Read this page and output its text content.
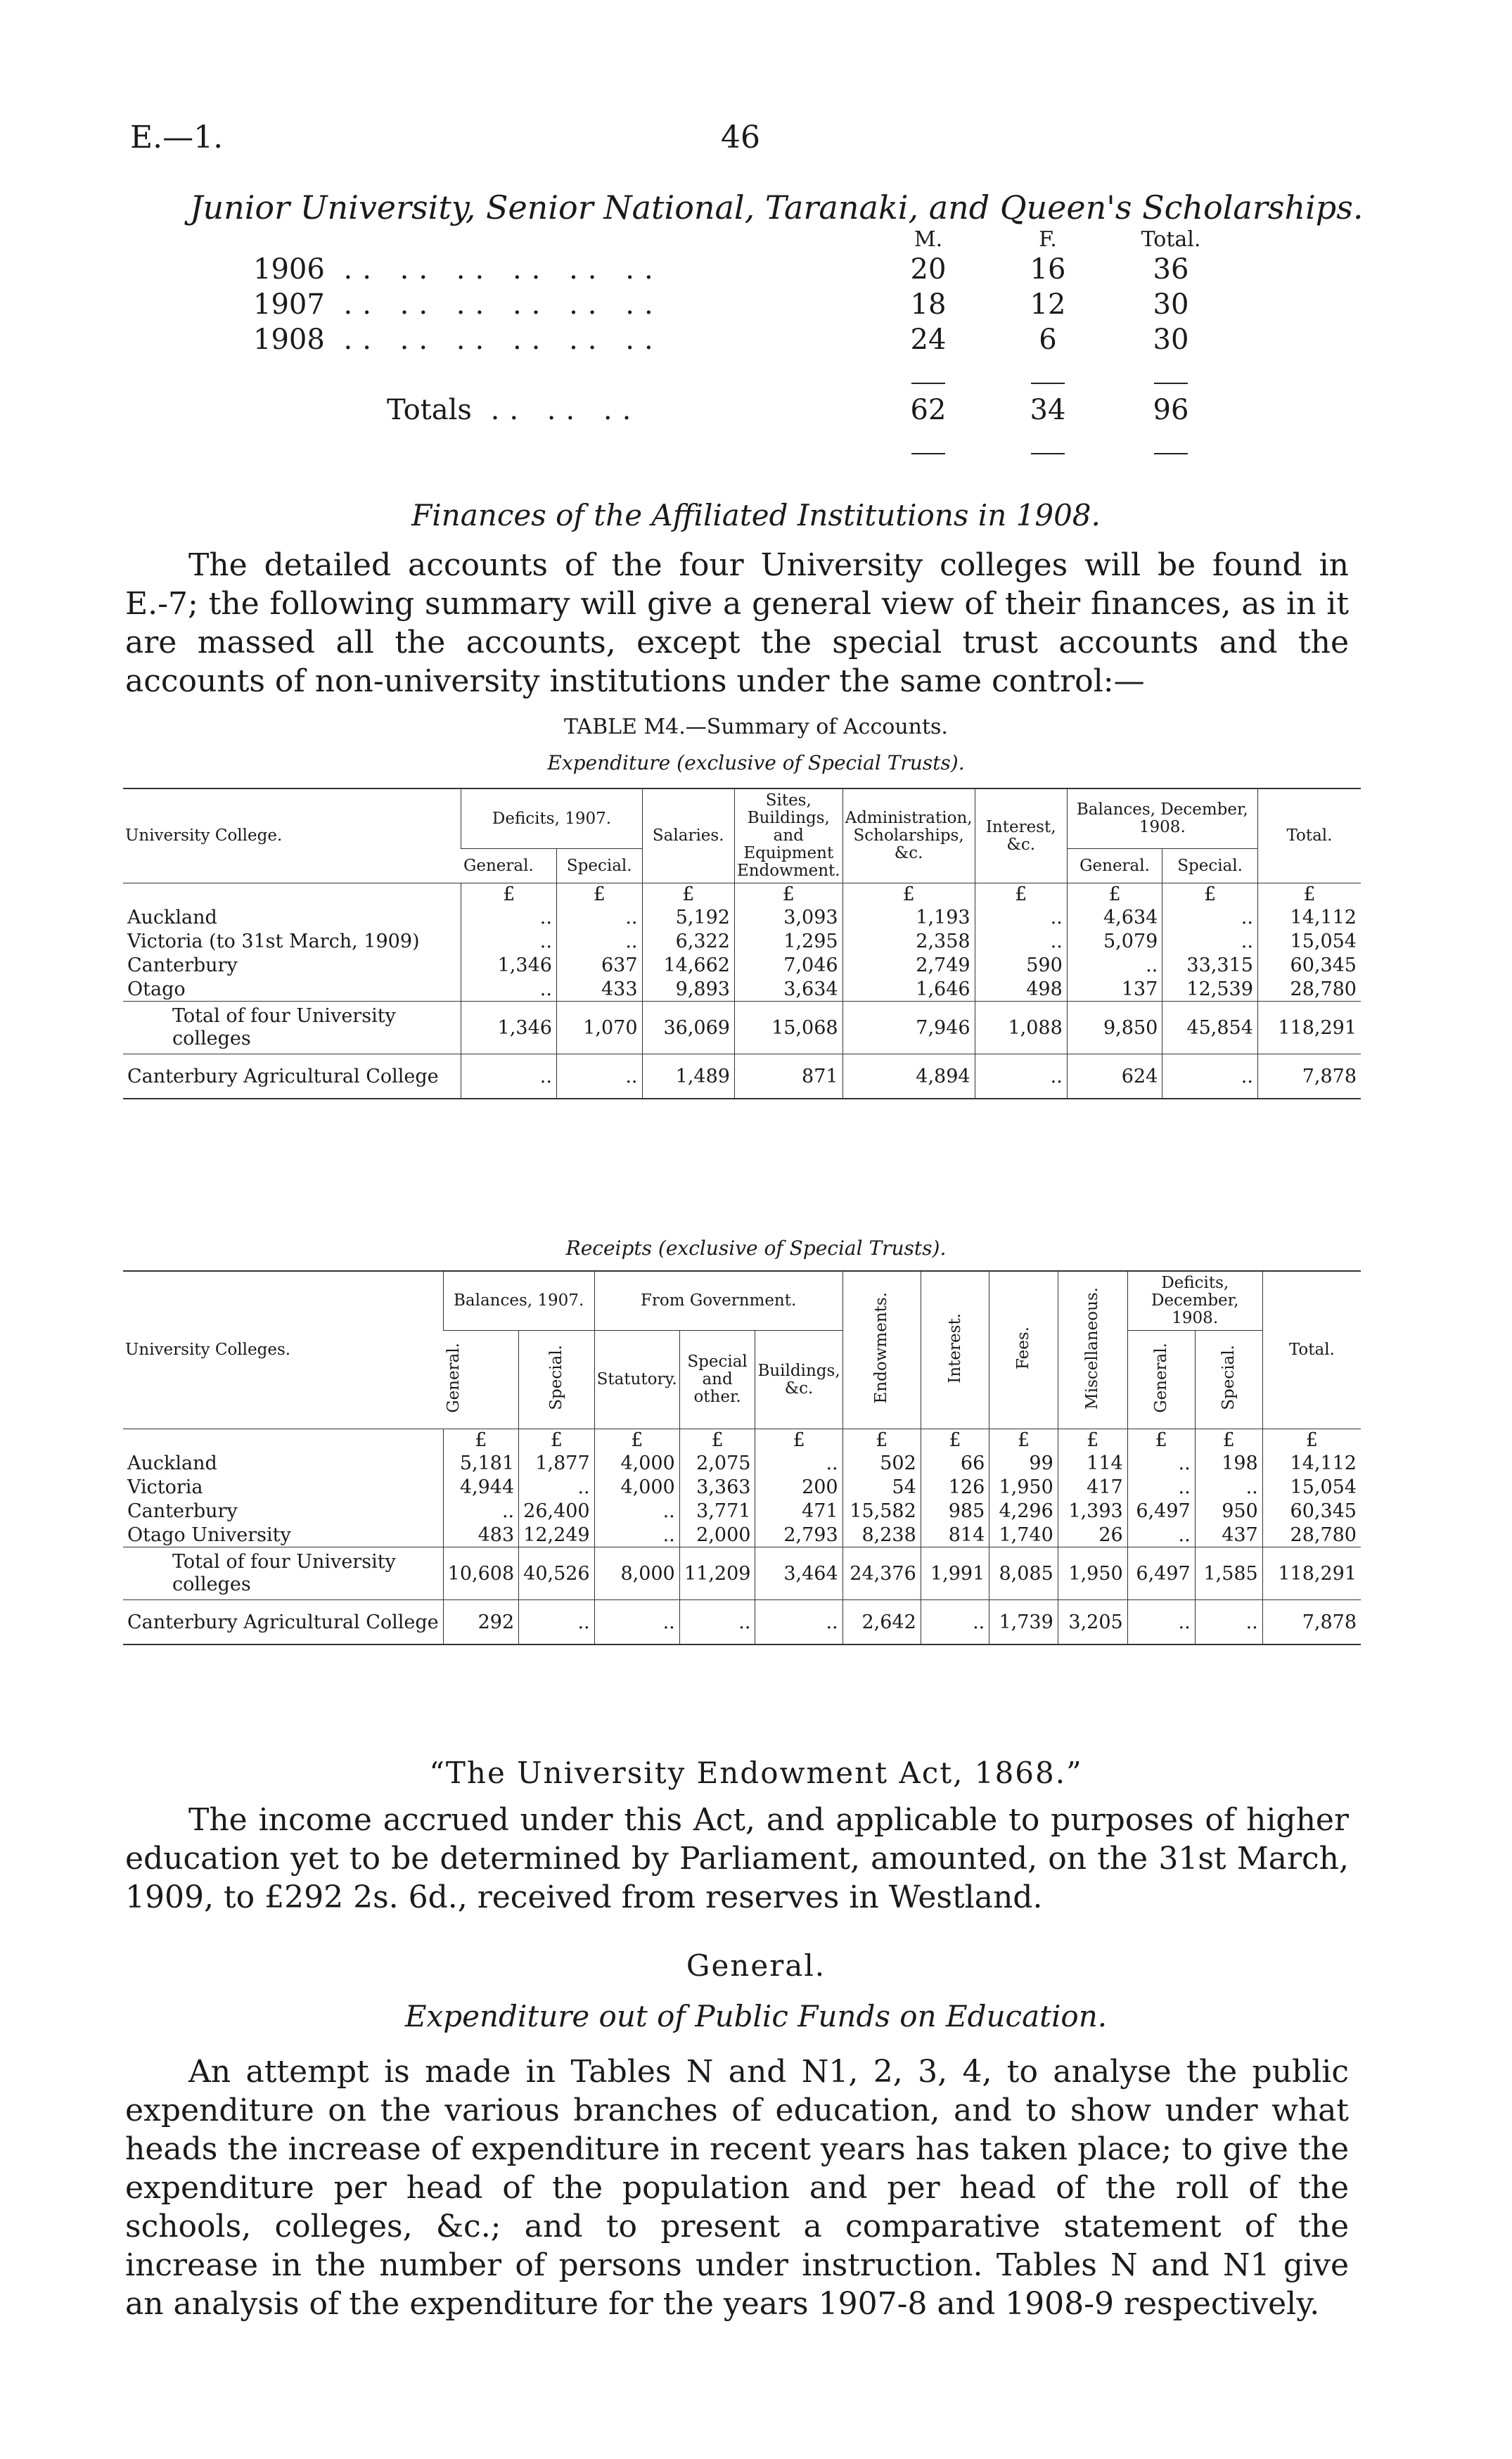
E.—1.	46
Junior University, Senior National, Taranaki, and Queen's Scholarships.
	M.	F.	Total.
1906 .. .. .. .. .. ..	20	16	36
1907 .. .. .. .. .. ..	18	12	30
1908 .. .. .. .. .. ..	24	6	30

Totals .. .. ..	62	34	96

Finances of the Affiliated Institutions in 1908.

The detailed accounts of the four University colleges will be found in E.-7; the following summary will give a general view of their finances, as in it are massed all the accounts, except the special trust accounts and the accounts of non-university institutions under the same control:—

TABLE M4.—Summary of Accounts.
Expenditure (exclusive of Special Trusts).
University College.	Deficits, 1907.		Salaries.	Sites, Buildings, and Equipment Endowment.	Administration, Scholarships, &c.	Interest, &c.	Balances, December, 1908.		Total.
	General.	Special.					General.	Special.	
	£	£	£	£	£	£	£	£	£
Auckland	..	..	5,192	3,093	1,193	..	4,634	..	14,112
Victoria (to 31st March, 1909)	..	..	6,322	1,295	2,358	..	5,079	..	15,054
Canterbury	1,346	637	14,662	7,046	2,749	590	..	33,315	60,345
Otago	..	433	9,893	3,634	1,646	498	137	12,539	28,780
Total of four University colleges	1,346	1,070	36,069	15,068	7,946	1,088	9,850	45,854	118,291
Canterbury Agricultural College	..	..	1,489	871	4,894	..	624	..	7,878
Receipts (exclusive of Special Trusts).
University Colleges.	Balances, 1907.		From Government.			Endowments.	Interest.	Fees.	Miscellaneous.	Deficits, December, 1908.		Total.
	General.	Special.	Statutory.	Special and other.	Buildings, &c.					General.	Special.	
	£	£	£	£	£	£	£	£	£	£	£	£
Auckland	5,181	1,877	4,000	2,075	..	502	66	99	114	..	198	14,112
Victoria	4,944	..	4,000	3,363	200	54	126	1,950	417	..	..	15,054
Canterbury	..	26,400	..	3,771	471	15,582	985	4,296	1,393	6,497	950	60,345
Otago University	483	12,249	..	2,000	2,793	8,238	814	1,740	26	..	437	28,780
Total of four University colleges	10,608	40,526	8,000	11,209	3,464	24,376	1,991	8,085	1,950	6,497	1,585	118,291
Canterbury Agricultural College	292	..	..	..	..	2,642	..	1,739	3,205	..	..	7,878
“The University Endowment Act, 1868.”

The income accrued under this Act, and applicable to purposes of higher education yet to be determined by Parliament, amounted, on the 31st March, 1909, to £292 2s. 6d., received from reserves in Westland.

General.
Expenditure out of Public Funds on Education.

An attempt is made in Tables N and N1, 2, 3, 4, to analyse the public expenditure on the various branches of education, and to show under what heads the increase of expenditure in recent years has taken place; to give the expenditure per head of the population and per head of the roll of the schools, colleges, &c.; and to present a comparative statement of the increase in the number of persons under instruction. Tables N and N1 give an analysis of the expenditure for the years 1907-8 and 1908-9 respectively.
